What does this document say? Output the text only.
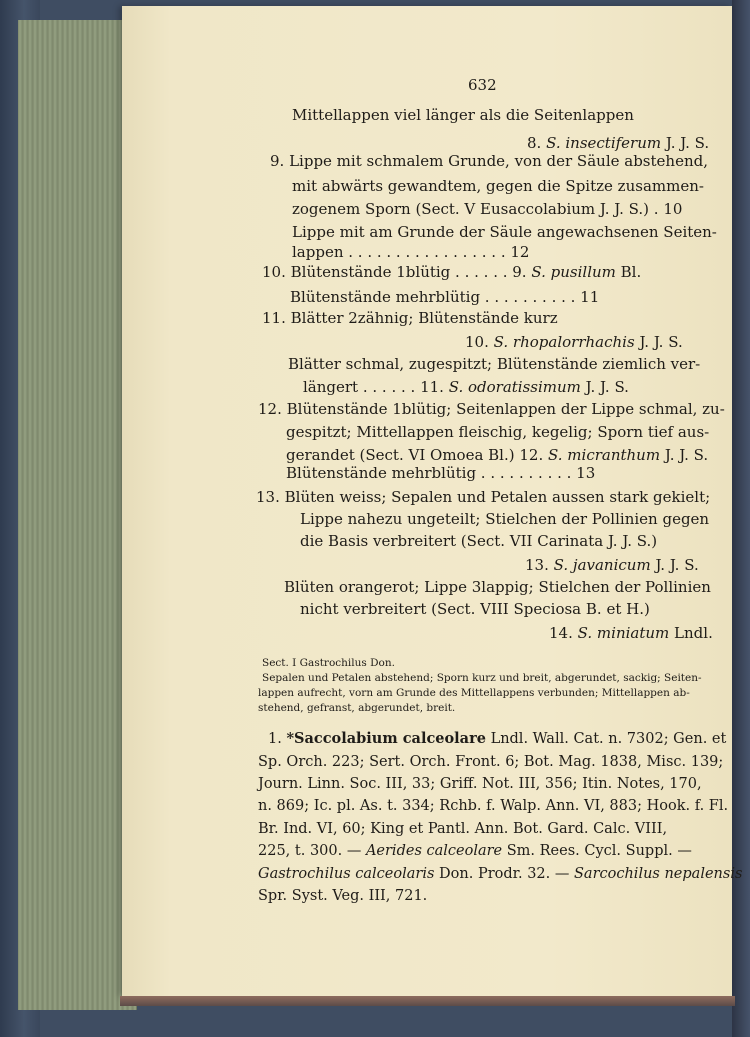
632
Mittellappen viel länger als die Seitenlappen
8. S. insectiferum J. J. S.
9. Lippe mit schmalem Grunde, von der Säule abstehend,
mit abwärts gewandtem, gegen die Spitze zusammen-
zogenem Sporn (Sect. V Eusaccolabium J. J. S.) . 10
Lippe mit am Grunde der Säule angewachsenen Seiten-
lappen . . . . . . . . . . . . . . . . . 12
10. Blütenstände 1blütig . . . . . . 9. S. pusillum Bl.
Blütenstände mehrblütig . . . . . . . . . . 11
11. Blätter 2zähnig; Blütenstände kurz
10. S. rhopalorrhachis J. J. S.
Blätter schmal, zugespitzt; Blütenstände ziemlich ver-
längert . . . . . . 11. S. odoratissimum J. J. S.
12. Blütenstände 1blütig; Seitenlappen der Lippe schmal, zu-
gespitzt; Mittellappen fleischig, kegelig; Sporn tief aus-
gerandet (Sect. VI Omoea Bl.) 12. S. micranthum J. J. S.
Blütenstände mehrblütig . . . . . . . . . . 13
13. Blüten weiss; Sepalen und Petalen aussen stark gekielt;
Lippe nahezu ungeteilt; Stielchen der Pollinien gegen
die Basis verbreitert (Sect. VII Carinata J. J. S.)
13. S. javanicum J. J. S.
Blüten orangerot; Lippe 3lappig; Stielchen der Pollinien
nicht verbreitert (Sect. VIII Speciosa B. et H.)
14. S. miniatum Lndl.
Sect. I Gastrochilus Don.
Sepalen und Petalen abstehend; Sporn kurz und breit, abgerundet, sackig; Seiten-
lappen aufrecht, vorn am Grunde des Mittellappens verbunden; Mittellappen ab-
stehend, gefranst, abgerundet, breit.
1. *Saccolabium calceolare Lndl. Wall. Cat. n. 7302; Gen. et
Sp. Orch. 223; Sert. Orch. Front. 6; Bot. Mag. 1838, Misc. 139;
Journ. Linn. Soc. III, 33; Griff. Not. III, 356; Itin. Notes, 170,
n. 869; Ic. pl. As. t. 334; Rchb. f. Walp. Ann. VI, 883; Hook. f. Fl.
Br. Ind. VI, 60; King et Pantl. Ann. Bot. Gard. Calc. VIII,
225, t. 300. — Aerides calceolare Sm. Rees. Cycl. Suppl. —
Gastrochilus calceolaris Don. Prodr. 32. — Sarcochilus nepalensis
Spr. Syst. Veg. III, 721.
